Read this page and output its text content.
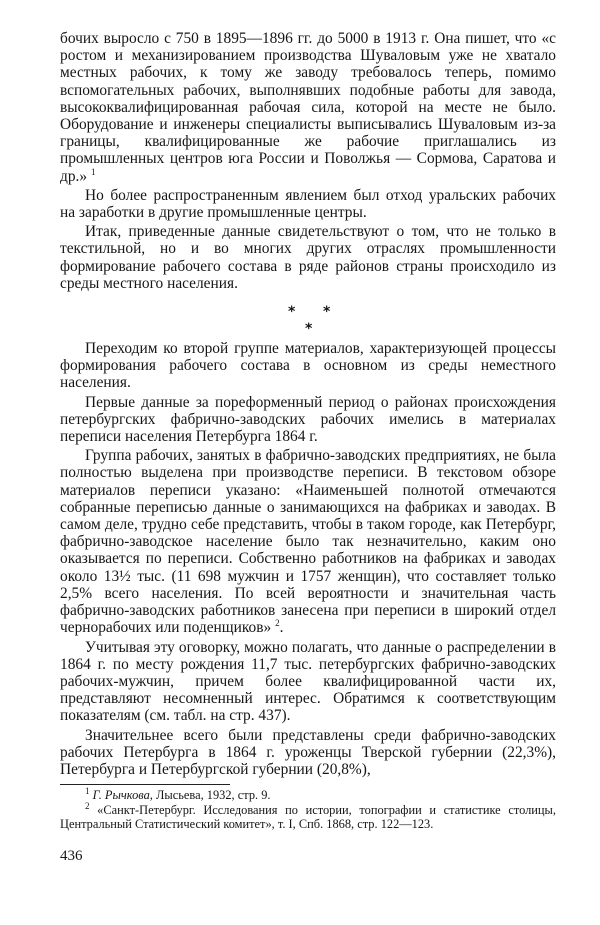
бочих выросло с 750 в 1895—1896 гг. до 5000 в 1913 г. Она пишет, что «с ростом и механизированием производства Шуваловым уже не хватало местных рабочих, к тому же заводу требовалось теперь, помимо вспомогательных рабочих, выполнявших подобные работы для завода, высококвалифицированная рабочая сила, которой на месте не было. Оборудование и инженеры специалисты выписывались Шуваловым из-за границы, квалифицированные же рабочие приглашались из промышленных центров юга России и Поволжья — Сормова, Саратова и др.» $^1$

Но более распространенным явлением был отход уральских рабочих на заработки в другие промышленные центры.

Итак, приведенные данные свидетельствуют о том, что не только в текстильной, но и во многих других отраслях промышленности формирование рабочего состава в ряде районов страны происходило из среды местного населения.

* *
*

Переходим ко второй группе материалов, характеризующей процессы формирования рабочего состава в основном из среды неместного населения.

Первые данные за пореформенный период о районах происхождения петербургских фабрично-заводских рабочих имелись в материалах переписи населения Петербурга 1864 г.

Группа рабочих, занятых в фабрично-заводских предприятиях, не была полностью выделена при производстве переписи. В текстовом обзоре материалов переписи указано: «Наименьшей полнотой отмечаются собранные переписью данные о занимающихся на фабриках и заводах. В самом деле, трудно себе представить, чтобы в таком городе, как Петербург, фабрично-заводское население было так незначительно, каким оно оказывается по переписи. Собственно работников на фабриках и заводах около 13½ тыс. (11 698 мужчин и 1757 женщин), что составляет только 2,5% всего населения. По всей вероятности и значительная часть фабрично-заводских работников занесена при переписи в широкий отдел чернорабочих или поденщиков» $^2$.

Учитывая эту оговорку, можно полагать, что данные о распределении в 1864 г. по месту рождения 11,7 тыс. петербургских фабрично-заводских рабочих-мужчин, причем более квалифицированной части их, представляют несомненный интерес. Обратимся к соответствующим показателям (см. табл. на стр. 437).

Значительнее всего были представлены среди фабрично-заводских рабочих Петербурга в 1864 г. уроженцы Тверской губернии (22,3%), Петербурга и Петербургской губернии (20,8%),

$^1$ Г. Рычкова, Лысьева, 1932, стр. 9.

$^2$ «Санкт-Петербург. Исследования по истории, топографии и статистике столицы, Центральный Статистический комитет», т. I, Спб. 1868, стр. 122—123.

436
